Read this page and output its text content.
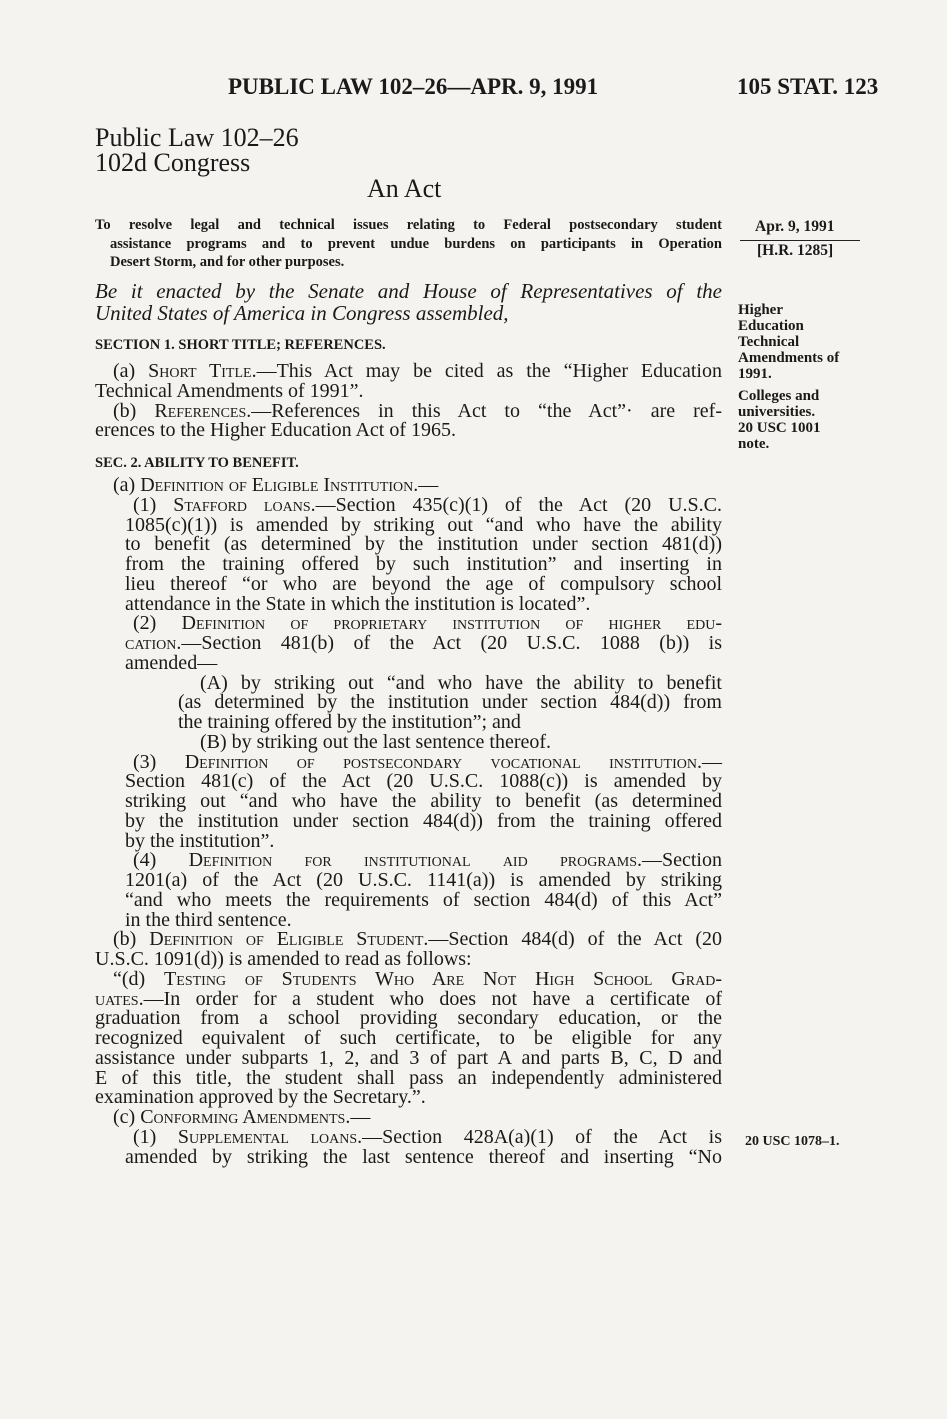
PUBLIC LAW 102–26—APR. 9, 1991	105 STAT. 123
Public Law 102–26
102d Congress
An Act
To resolve legal and technical issues relating to Federal postsecondary student
assistance programs and to prevent undue burdens on participants in Operation
Desert Storm, and for other purposes.
Apr. 9, 1991
[H.R. 1285]
Be it enacted by the Senate and House of Representatives of the
United States of America in Congress assembled,
SECTION 1. SHORT TITLE; REFERENCES.
(a) Short Title.—This Act may be cited as the “Higher Education
Technical Amendments of 1991”.
(b) References.—References in this Act to “the Act”· are ref-
erences to the Higher Education Act of 1965.
SEC. 2. ABILITY TO BENEFIT.
(a) Definition of Eligible Institution.—
(1) Stafford loans.—Section 435(c)(1) of the Act (20 U.S.C.
1085(c)(1)) is amended by striking out “and who have the ability
to benefit (as determined by the institution under section 481(d))
from the training offered by such institution” and inserting in
lieu thereof “or who are beyond the age of compulsory school
attendance in the State in which the institution is located”.
(2) Definition of proprietary institution of higher edu-
cation.—Section 481(b) of the Act (20 U.S.C. 1088 (b)) is
amended—
(A) by striking out “and who have the ability to benefit
(as determined by the institution under section 484(d)) from
the training offered by the institution”; and
(B) by striking out the last sentence thereof.
(3) Definition of postsecondary vocational institution.—
Section 481(c) of the Act (20 U.S.C. 1088(c)) is amended by
striking out “and who have the ability to benefit (as determined
by the institution under section 484(d)) from the training offered
by the institution”.
(4) Definition for institutional aid programs.—Section
1201(a) of the Act (20 U.S.C. 1141(a)) is amended by striking
“and who meets the requirements of section 484(d) of this Act”
in the third sentence.
(b) Definition of Eligible Student.—Section 484(d) of the Act (20
U.S.C. 1091(d)) is amended to read as follows:
“(d) Testing of Students Who Are Not High School Grad-
uates.—In order for a student who does not have a certificate of
graduation from a school providing secondary education, or the
recognized equivalent of such certificate, to be eligible for any
assistance under subparts 1, 2, and 3 of part A and parts B, C, D and
E of this title, the student shall pass an independently administered
examination approved by the Secretary.”.
(c) Conforming Amendments.—
(1) Supplemental loans.—Section 428A(a)(1) of the Act is
amended by striking the last sentence thereof and inserting “No
Higher
Education
Technical
Amendments of
1991.
Colleges and
universities.
20 USC 1001
note.
20 USC 1078–1.
